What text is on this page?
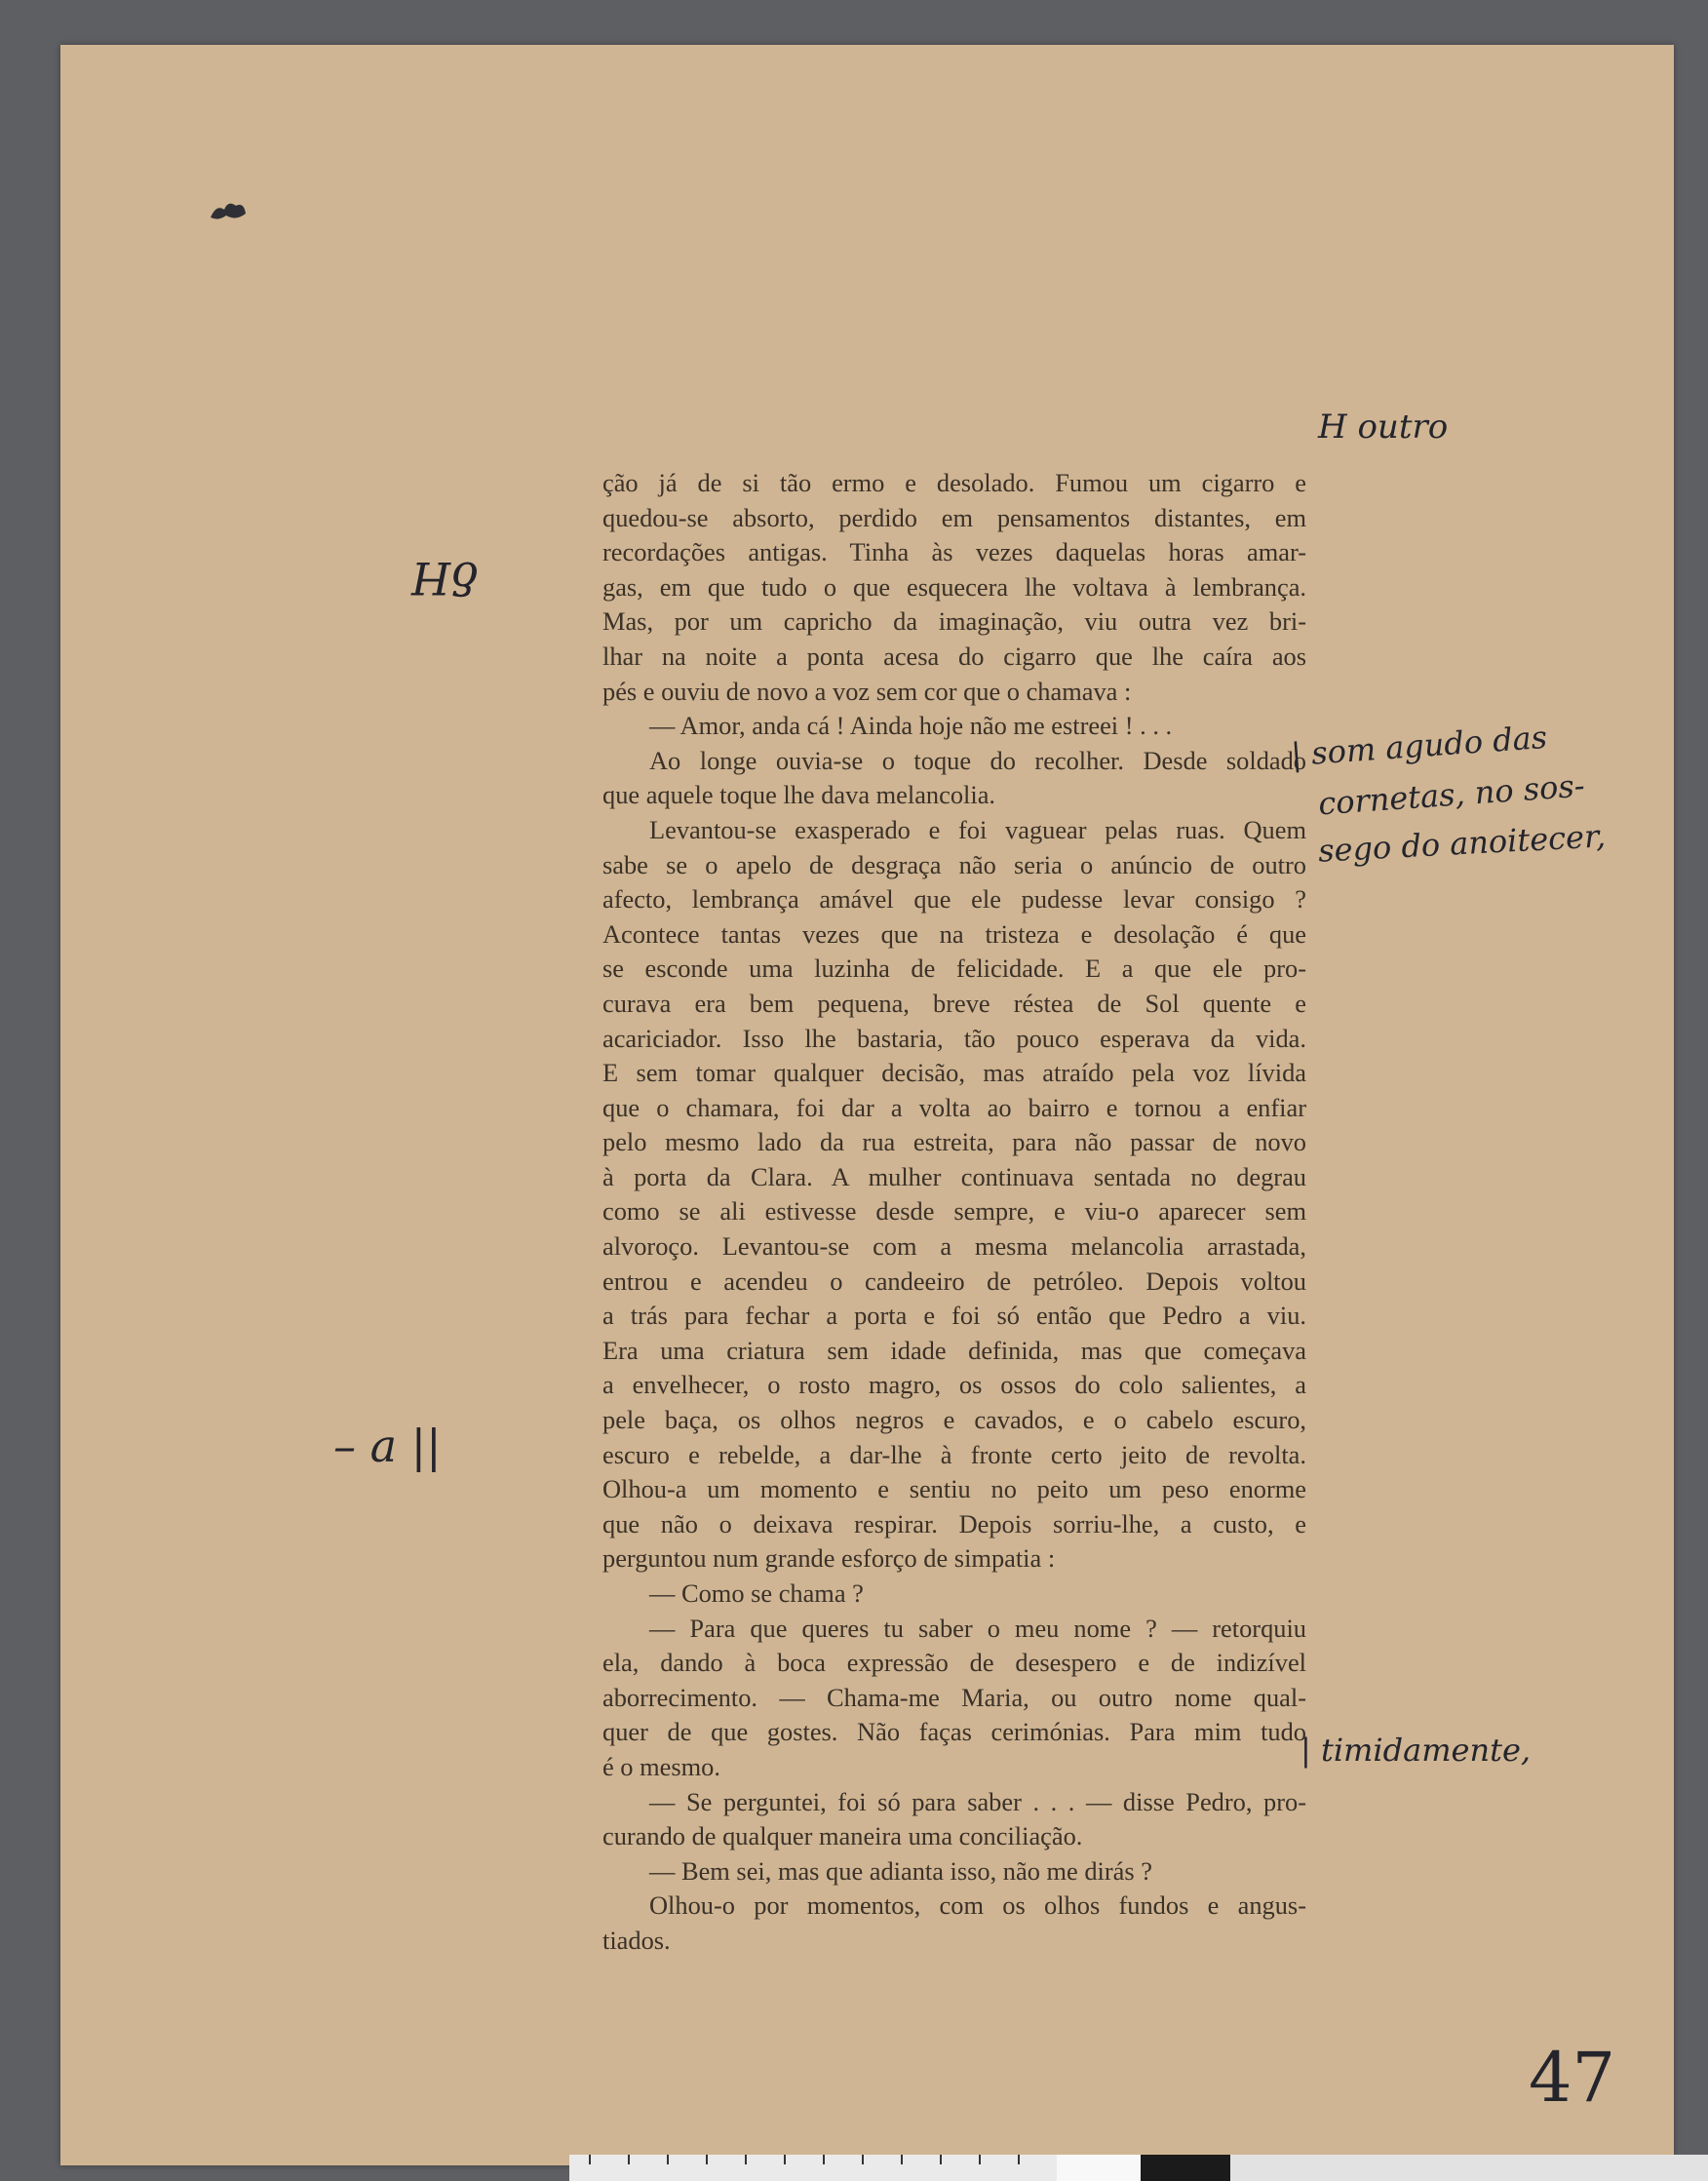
ção já de si tão ermo e desolado. Fumou um cigarro e
quedou-se absorto, perdido em pensamentos distantes, em
recordações antigas. Tinha às vezes daquelas horas amar-
gas, em que tudo o que esquecera lhe voltava à lembrança.
Mas, por um capricho da imaginação, viu outra vez bri-
lhar na noite a ponta acesa do cigarro que lhe caíra aos
pés e ouviu de novo a voz sem cor que o chamava :
— Amor, anda cá ! Ainda hoje não me estreei ! . . .
Ao longe ouvia-se o toque do recolher. Desde soldado
que aquele toque lhe dava melancolia.
Levantou-se exasperado e foi vaguear pelas ruas. Quem
sabe se o apelo de desgraça não seria o anúncio de outro
afecto, lembrança amável que ele pudesse levar consigo ?
Acontece tantas vezes que na tristeza e desolação é que
se esconde uma luzinha de felicidade. E a que ele pro-
curava era bem pequena, breve réstea de Sol quente e
acariciador. Isso lhe bastaria, tão pouco esperava da vida.
E sem tomar qualquer decisão, mas atraído pela voz lívida
que o chamara, foi dar a volta ao bairro e tornou a enfiar
pelo mesmo lado da rua estreita, para não passar de novo
à porta da Clara. A mulher continuava sentada no degrau
como se ali estivesse desde sempre, e viu-o aparecer sem
alvoroço. Levantou-se com a mesma melancolia arrastada,
entrou e acendeu o candeeiro de petróleo. Depois voltou
a trás para fechar a porta e foi só então que Pedro a viu.
Era uma criatura sem idade definida, mas que começava
a envelhecer, o rosto magro, os ossos do colo salientes, a
pele baça, os olhos negros e cavados, e o cabelo escuro,
escuro e rebelde, a dar-lhe à fronte certo jeito de revolta.
Olhou-a um momento e sentiu no peito um peso enorme
que não o deixava respirar. Depois sorriu-lhe, a custo, e
perguntou num grande esforço de simpatia :
— Como se chama ?
— Para que queres tu saber o meu nome ? — retorquiu
ela, dando à boca expressão de desespero e de indizível
aborrecimento. — Chama-me Maria, ou outro nome qual-
quer de que gostes. Não faças cerimónias. Para mim tudo
é o mesmo.
— Se perguntei, foi só para saber . . . — disse Pedro, pro-
curando de qualquer maneira uma conciliação.
— Bem sei, mas que adianta isso, não me dirás ?
Olhou-o por momentos, com os olhos fundos e angus-
tiados.
H outro
δH
| som agudo das
cornetas, no sos-
sego do anoitecer,
– a ||
| timidamente,
47
